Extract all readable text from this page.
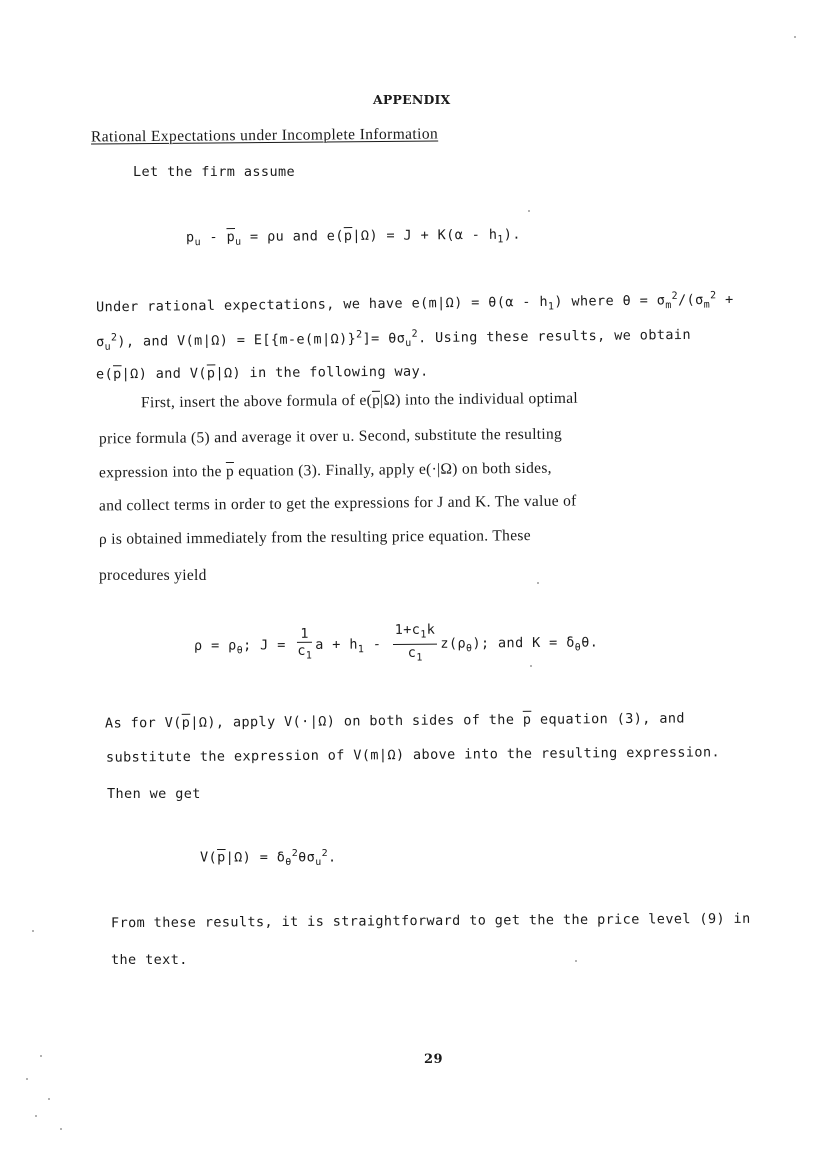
APPENDIX
Rational Expectations under Incomplete Information
Let the firm assume
$p_u - \overline{p}_u = \rho u$ and $e(\overline{p}|\Omega) = J + K(\alpha - h_1)$.
Under rational expectations, we have $e(m|\Omega) = \theta(\alpha - h_1)$ where $\theta = \sigma_m^2/(\sigma_m^2$ +
$\sigma_u^2$), and $V(m|\Omega) = E[\{m-e(m|\Omega)\}^2]= \theta\sigma_u^2$. Using these results, we obtain
$e(\overline{p}|\Omega)$ and $V(\overline{p}|\Omega)$ in the following way.
First, insert the above formula of $e(\overline{p}|\Omega)$ into the individual optimal
price formula (5) and average it over u. Second, substitute the resulting
expression into the $\overline{p}$ equation (3). Finally, apply e(·|Ω) on both sides,
and collect terms in order to get the expressions for J and K. The value of
ρ is obtained immediately from the resulting price equation. These
procedures yield
$\rho = \rho_\theta$; $J = \frac{1}{c_1}$ $a + h_1 - \frac{1+c_1k}{c_1} z(\rho_\theta)$; and $K = \delta_\theta\theta$.
As for $V(\overline{p}|\Omega)$, apply V(·|Ω) on both sides of the $\overline{p}$ equation (3), and
substitute the expression of V(m|Ω) above into the resulting expression.
Then we get
$V(\overline{p}|\Omega) = \delta_\theta^2\theta\sigma_u^2$.
From these results, it is straightforward to get the the price level (9) in
the text.
29
